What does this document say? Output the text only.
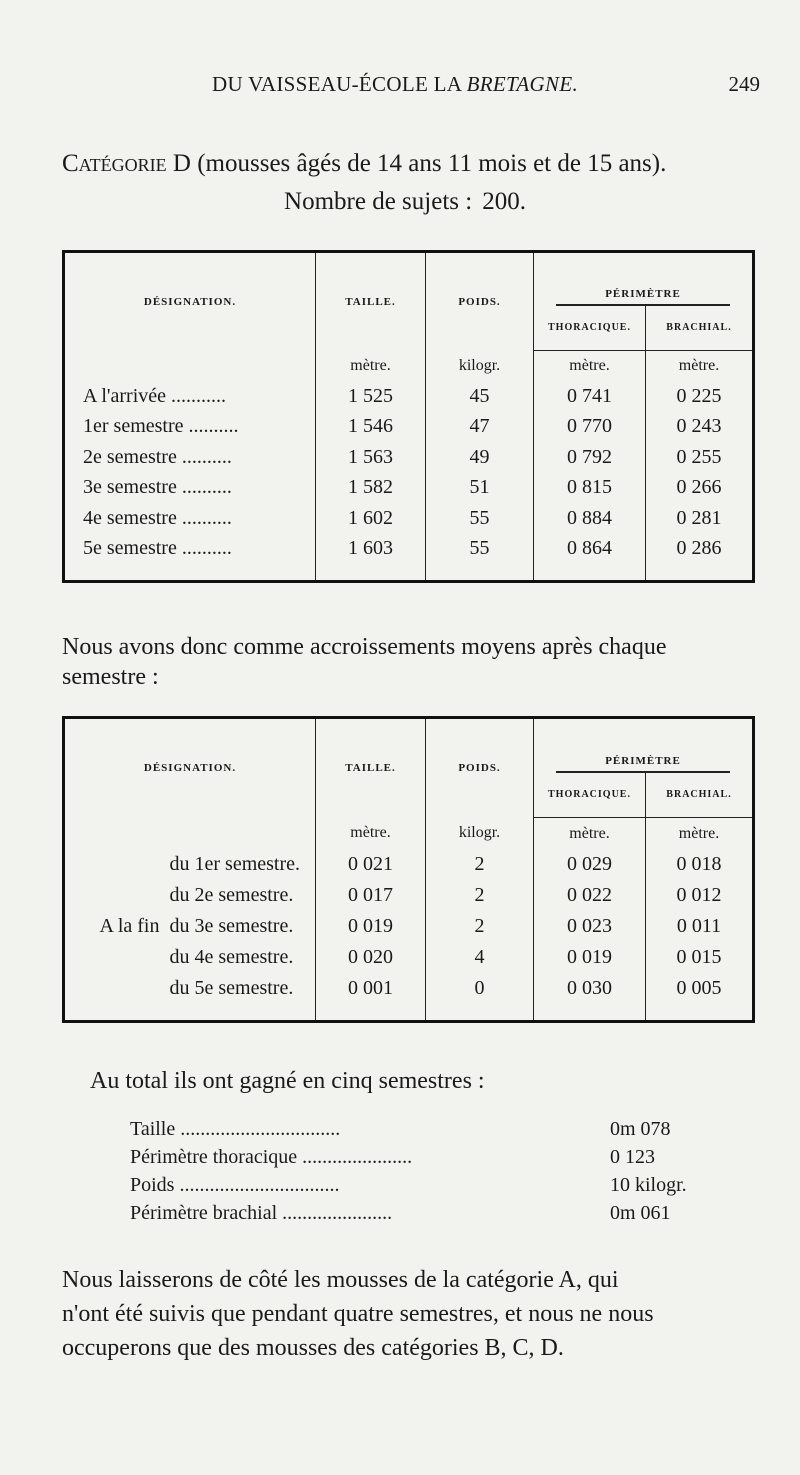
DU VAISSEAU-ÉCOLE LA BRETAGNE.	249
Catégorie D (mousses âgés de 14 ans 11 mois et de 15 ans).
Nombre de sujets : 200.
DÉSIGNATION.	TAILLE.	POIDS.	PÉRIMÈTRE	

			THORACIQUE.	BRACHIAL.
	mètre.	kilogr.	mètre.	mètre.
A l'arrivée ...........	1 525	45	0 741	0 225
1er semestre ..........	1 546	47	0 770	0 243
2e semestre ..........	1 563	49	0 792	0 255
3e semestre ..........	1 582	51	0 815	0 266
4e semestre ..........	1 602	55	0 884	0 281
5e semestre ..........	1 603	55	0 864	0 286
Nous avons donc comme accroissements moyens après chaque
semestre :
DÉSIGNATION.		TAILLE.	POIDS.	PÉRIMÈTRE	

				THORACIQUE.	BRACHIAL.
		mètre.	kilogr.	mètre.	mètre.
A la fin	du 1er semestre.	0 021	2	0 029	0 018
	du 2e semestre.	0 017	2	0 022	0 012
	du 3e semestre.	0 019	2	0 023	0 011
	du 4e semestre.	0 020	4	0 019	0 015
	du 5e semestre.	0 001	0	0 030	0 005
Au total ils ont gagné en cinq semestres :
Taille ................................	0m 078
Périmètre thoracique ......................	0 123
Poids ................................	10 kilogr.
Périmètre brachial ......................	0m 061
Nous laisserons de côté les mousses de la catégorie A, qui
n'ont été suivis que pendant quatre semestres, et nous ne nous
occuperons que des mousses des catégories B, C, D.
